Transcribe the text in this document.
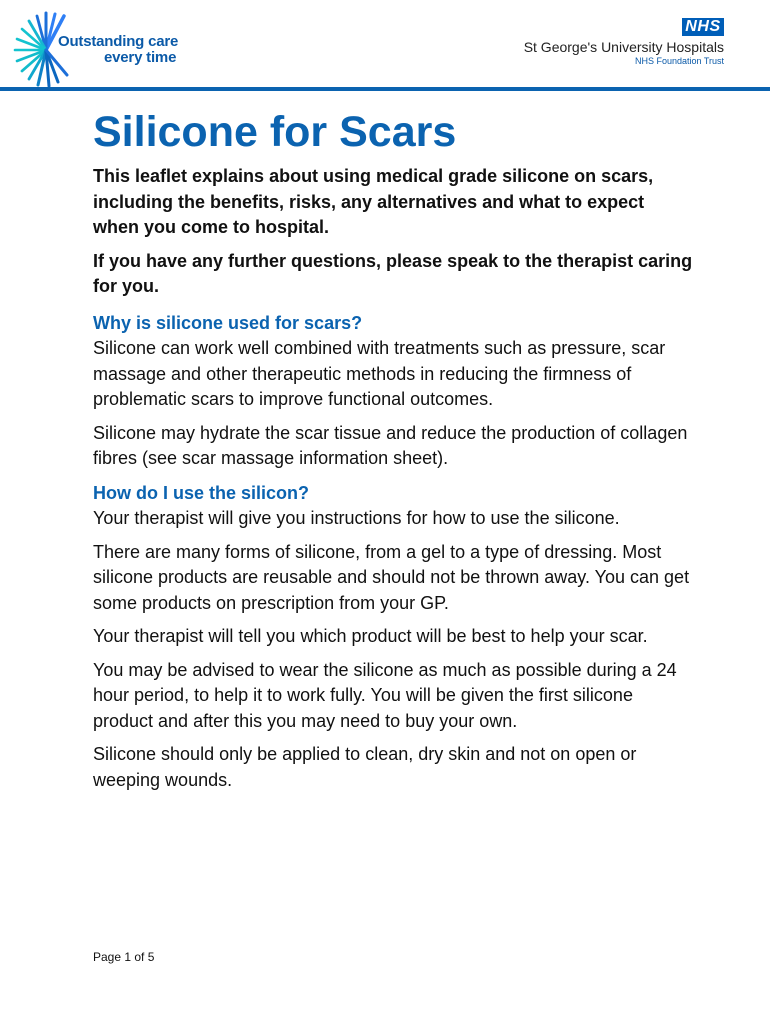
Outstanding care
every time
NHS
St George's University Hospitals
NHS Foundation Trust
Silicone for Scars

This leaflet explains about using medical grade silicone on scars, including the benefits, risks, any alternatives and what to expect when you come to hospital.

If you have any further questions, please speak to the therapist caring for you.

Why is silicone used for scars?

Silicone can work well combined with treatments such as pressure, scar massage and other therapeutic methods in reducing the firmness of problematic scars to improve functional outcomes.

Silicone may hydrate the scar tissue and reduce the production of collagen fibres (see scar massage information sheet).

How do I use the silicon?

Your therapist will give you instructions for how to use the silicone.

There are many forms of silicone, from a gel to a type of dressing. Most silicone products are reusable and should not be thrown away. You can get some products on prescription from your GP.

Your therapist will tell you which product will be best to help your scar.

You may be advised to wear the silicone as much as possible during a 24 hour period, to help it to work fully. You will be given the first silicone product and after this you may need to buy your own.

Silicone should only be applied to clean, dry skin and not on open or weeping wounds.

Page 1 of 5
